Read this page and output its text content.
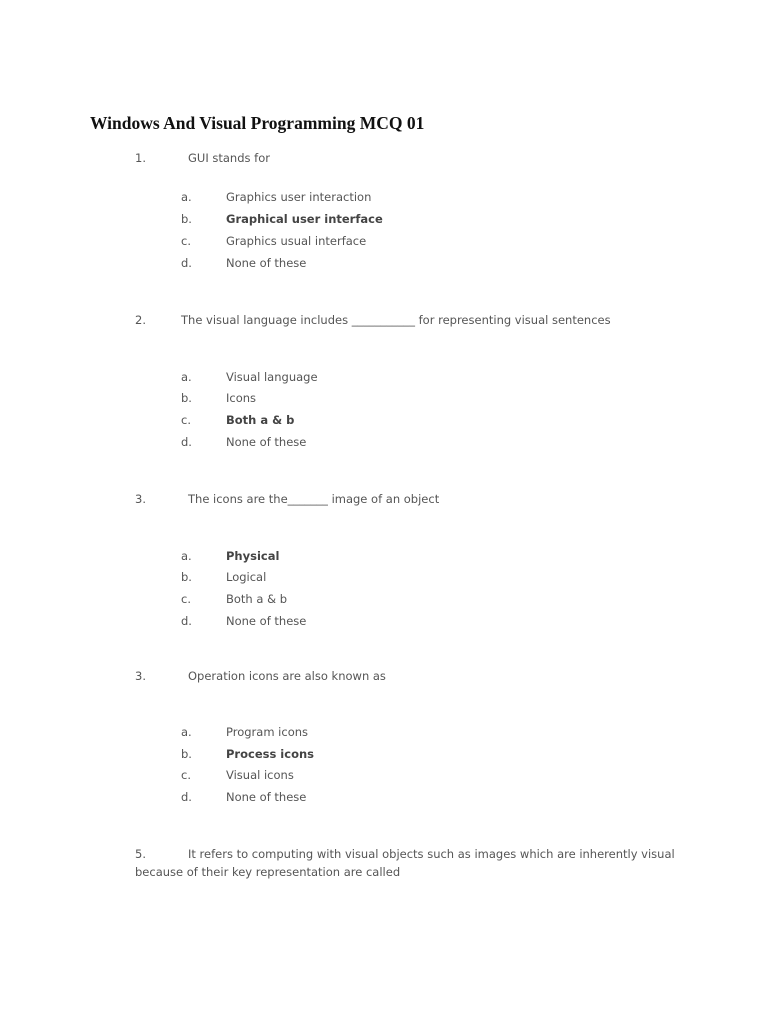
Windows And Visual Programming MCQ 01
1.	GUI stands for
a.	Graphics user interaction
b.	Graphical user interface
c.	Graphics usual interface
d.	None of these
2.	The visual language includes ___________ for representing visual sentences
a.	Visual language
b.	Icons
c.	Both a & b
d.	None of these
3.	The icons are the_______ image of an object
a.	Physical
b.	Logical
c.	Both a & b
d.	None of these
3.	Operation icons are also known as
a.	Program icons
b.	Process icons
c.	Visual icons
d.	None of these
5.	It refers to computing with visual objects such as images which are inherently visual
because of their key representation are called
